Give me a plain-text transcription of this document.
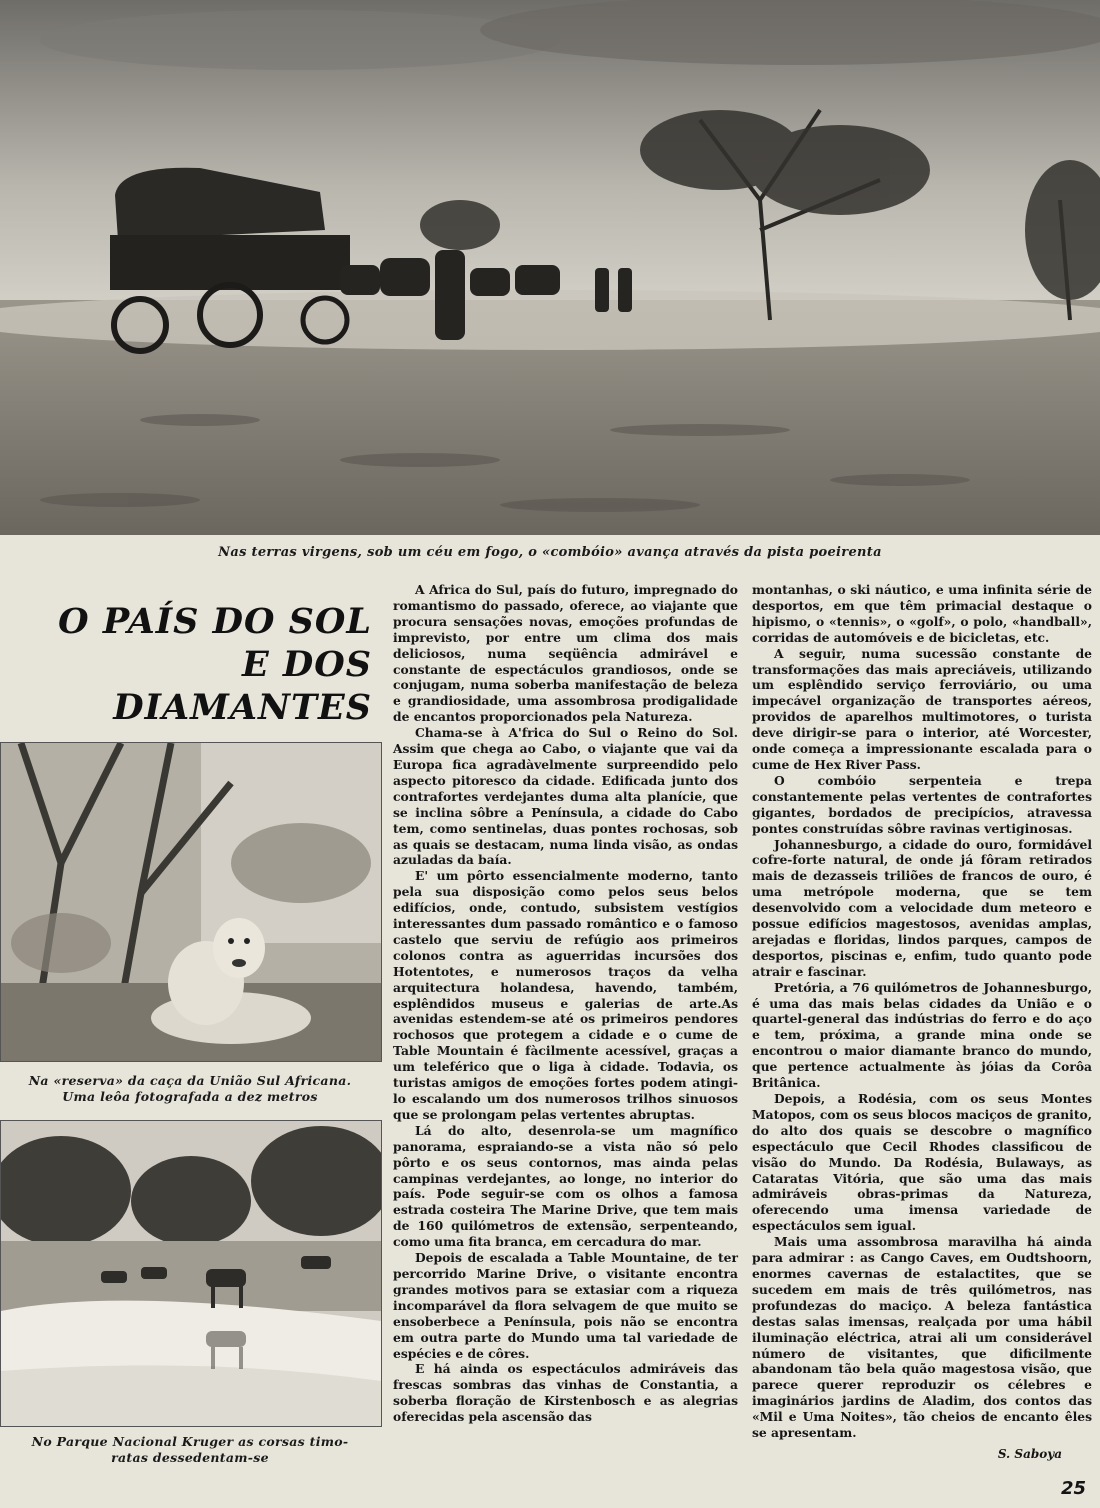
Nas terras virgens, sob um céu em fogo, o «combóio» avança através da pista poeirenta
O PAÍS DO SOL
E DOS
DIAMANTES
Na «reserva» da caça da União Sul Africana.
Uma leôa fotografada a dez metros
No Parque Nacional Kruger as corsas timo-
ratas dessedentam-se

A Africa do Sul, país do futuro, impregnado do romantismo do passado, oferece, ao viajante que procura sensações novas, emoções profundas de imprevisto, por entre um clima dos mais deliciosos, numa seqüência admirável e constante de espectáculos grandiosos, onde se conjugam, numa soberba manifestação de beleza e grandiosidade, uma assombrosa prodigalidade de encantos proporcionados pela Natureza.

Chama-se à A'frica do Sul o Reino do Sol. Assim que chega ao Cabo, o viajante que vai da Europa fica agradàvelmente surpreendido pelo aspecto pitoresco da cidade. Edificada junto dos contrafortes verdejantes duma alta planície, que se inclina sôbre a Península, a cidade do Cabo tem, como sentinelas, duas pontes rochosas, sob as quais se destacam, numa linda visão, as ondas azuladas da baía.

E' um pôrto essencialmente moderno, tanto pela sua disposição como pelos seus belos edifícios, onde, contudo, subsistem vestígios interessantes dum passado romântico e o famoso castelo que serviu de refúgio aos primeiros colonos contra as aguerridas incursões dos Hotentotes, e numerosos traços da velha arquitectura holandesa, havendo, também, esplêndidos museus e galerias de arte.As avenidas estendem-se até os primeiros pendores rochosos que protegem a cidade e o cume de Table Mountain é fàcilmente acessível, graças a um teleférico que o liga à cidade. Todavia, os turistas amigos de emoções fortes podem atingi-lo escalando um dos numerosos trilhos sinuosos que se prolongam pelas vertentes abruptas.

Lá do alto, desenrola-se um magnífico panorama, espraiando-se a vista não só pelo pôrto e os seus contornos, mas ainda pelas campinas verdejantes, ao longe, no interior do país. Pode seguir-se com os olhos a famosa estrada costeira The Marine Drive, que tem mais de 160 quilómetros de extensão, serpenteando, como uma fita branca, em cercadura do mar.

Depois de escalada a Table Mountaine, de ter percorrido Marine Drive, o visitante encontra grandes motivos para se extasiar com a riqueza incomparável da flora selvagem de que muito se ensoberbece a Península, pois não se encontra em outra parte do Mundo uma tal variedade de espécies e de côres.

E há ainda os espectáculos admiráveis das frescas sombras das vinhas de Constantia, a soberba floração de Kirstenbosch e as alegrias oferecidas pela ascensão das

montanhas, o ski náutico, e uma infinita série de desportos, em que têm primacial destaque o hipismo, o «tennis», o «golf», o polo, «handball», corridas de automóveis e de bicicletas, etc.

A seguir, numa sucessão constante de transformações das mais apreciáveis, utilizando um esplêndido serviço ferroviário, ou uma impecável organização de transportes aéreos, providos de aparelhos multimotores, o turista deve dirigir-se para o interior, até Worcester, onde começa a impressionante escalada para o cume de Hex River Pass.

O combóio serpenteia e trepa constantemente pelas vertentes de contrafortes gigantes, bordados de precipícios, atravessa pontes construídas sôbre ravinas vertiginosas.

Johannesburgo, a cidade do ouro, formidável cofre-forte natural, de onde já fôram retirados mais de dezasseis triliões de francos de ouro, é uma metrópole moderna, que se tem desenvolvido com a velocidade dum meteoro e possue edifícios magestosos, avenidas amplas, arejadas e floridas, lindos parques, campos de desportos, piscinas e, enfim, tudo quanto pode atrair e fascinar.

Pretória, a 76 quilómetros de Johannesburgo, é uma das mais belas cidades da União e o quartel-general das indústrias do ferro e do aço e tem, próxima, a grande mina onde se encontrou o maior diamante branco do mundo, que pertence actualmente às jóias da Corôa Britânica.

Depois, a Rodésia, com os seus Montes Matopos, com os seus blocos maciços de granito, do alto dos quais se descobre o magnífico espectáculo que Cecil Rhodes classificou de visão do Mundo. Da Rodésia, Bulaways, as Cataratas Vitória, que são uma das mais admiráveis obras-primas da Natureza, oferecendo uma imensa variedade de espectáculos sem igual.

Mais uma assombrosa maravilha há ainda para admirar : as Cango Caves, em Oudtshoorn, enormes cavernas de estalactites, que se sucedem em mais de três quilómetros, nas profundezas do maciço. A beleza fantástica destas salas imensas, realçada por uma hábil iluminação eléctrica, atrai ali um considerável número de visitantes, que dificilmente abandonam tão bela quão magestosa visão, que parece querer reproduzir os célebres e imaginários jardins de Aladim, dos contos das «Mil e Uma Noites», tão cheios de encanto êles se apresentam.

S. Saboya
25
